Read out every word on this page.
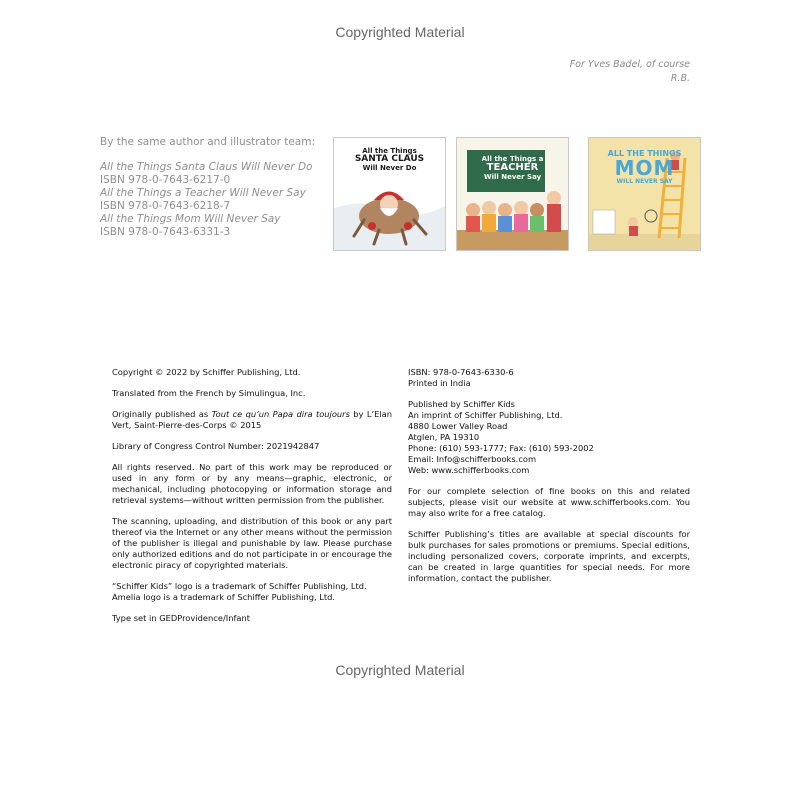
Copyrighted Material
For Yves Badel, of course
R.B.
By the same author and illustrator team:
All the Things Santa Claus Will Never Do
ISBN 978-0-7643-6217-0
All the Things a Teacher Will Never Say
ISBN 978-0-7643-6218-7
All the Things Mom Will Never Say
ISBN 978-0-7643-6331-3
All the Things
SANTA CLAUS
Will Never Do
All the Things a
TEACHER
Will Never Say
ALL THE THINGS
MOM
WILL NEVER SAY

Copyright © 2022 by Schiffer Publishing, Ltd.

Translated from the French by Simulingua, Inc.

Originally published as Tout ce qu’un Papa dira toujours by L’Elan Vert, Saint-Pierre-des-Corps © 2015

Library of Congress Control Number: 2021942847

All rights reserved. No part of this work may be reproduced or used in any form or by any means—graphic, electronic, or mechanical, including photocopying or information storage and retrieval systems—without written permission from the publisher.

The scanning, uploading, and distribution of this book or any part thereof via the Internet or any other means without the permission of the publisher is illegal and punishable by law. Please purchase only authorized editions and do not participate in or encourage the electronic piracy of copyrighted materials.

“Schiffer Kids” logo is a trademark of Schiffer Publishing, Ltd.
Amelia logo is a trademark of Schiffer Publishing, Ltd.

Type set in GEDProvidence/Infant

ISBN: 978-0-7643-6330-6
Printed in India

Published by Schiffer Kids
An imprint of Schiffer Publishing, Ltd.
4880 Lower Valley Road
Atglen, PA 19310
Phone: (610) 593-1777; Fax: (610) 593-2002
Email: Info@schifferbooks.com
Web: www.schifferbooks.com

For our complete selection of fine books on this and related subjects, please visit our website at www.schifferbooks.com. You may also write for a free catalog.

Schiffer Publishing’s titles are available at special discounts for bulk purchases for sales promotions or premiums. Special editions, including personalized covers, corporate imprints, and excerpts, can be created in large quantities for special needs. For more information, contact the publisher.

Copyrighted Material
